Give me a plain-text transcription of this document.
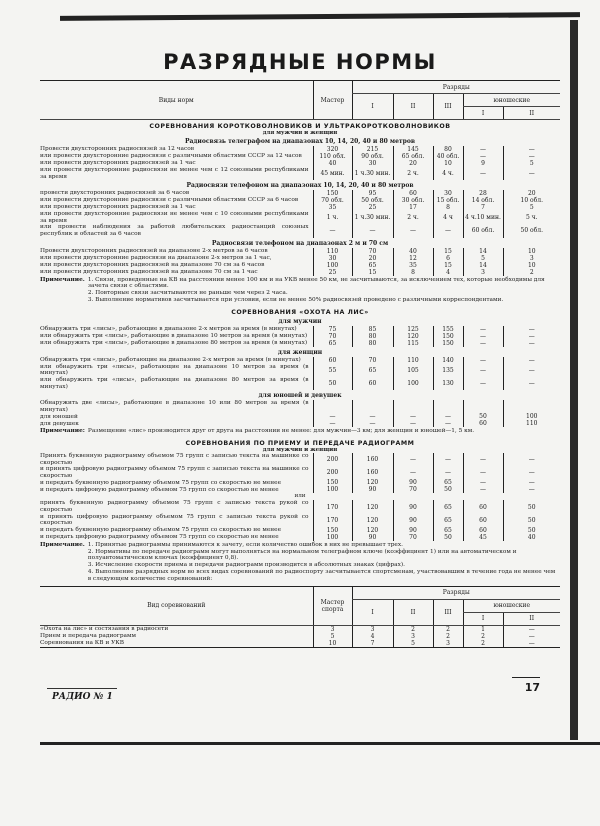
РАЗРЯДНЫЕ НОРМЫ
Виды норм	Мастер	Разряды				
		I	II	III	юношеские	
					I	II
СОРЕВНОВАНИЯ КОРОТКОВОЛНОВИКОВ И УЛЬТРАКОРОТКОВОЛНОВИКОВ
для мужчин и женщин
Радиосвязь телеграфом на диапазонах 10, 14, 20, 40 и 80 метров						
Провести двухсторонних радиосвязей за 12 часов	320	215	145	80	—	—
или провести двухсторонние радиосвязи с различными областями СССР за 12 часов	110 обл.	90 обл.	65 обл.	40 обл.	—	—
или провести двухсторонних радиосвязей за 1 час	40	30	20	10	9	5
или провести двухсторонние радиосвязи не менее чем с 12 союзными республиками за время	45 мин.	1 ч.30 мин.	2 ч.	4 ч.	—	—
Радиосвязи телефоном на диапазонах 10, 14, 20, 40 и 80 метров						
провести двухсторонних радиосвязей за 6 часов	150	95	60	30	28	20
или провести двухсторонние радиосвязи с различными областями СССР за 6 часов	70 обл.	50 обл.	30 обл.	15 обл.	14 обл.	10 обл.
или провести двухсторонних радиосвязей за 1 час	35	25	17	8	7	5
или провести двухсторонние радиосвязи не менее чем с 10 союзными республиками за время	1 ч.	1 ч.30 мин.	2 ч.	4 ч	4 ч.10 мин.	5 ч.
или провести наблюдения за работой любительских радиостанций союзных республик и областей за 6 часов	—	—	—	—	60 обл.	50 обл.
Радиосвязи телефоном на диапазонах 2 м и 70 см						
Провести двухсторонних радиосвязей на диапазоне 2-х метров за 6 часов	110	70	40	15	14	10
или провести двухсторонние радиосвязи на диапазоне 2-х метров за 1 час,	30	20	12	6	5	3
или провести двухсторонних радиосвязей на диапазоне 70 см за 6 часов	100	65	35	15	14	10
или провести двухсторонних радиосвязей на диапазоне 70 см за 1 час	25	15	8	4	3	2
Примечание. 1. Связи, проведенные на КВ на расстоянии менее 100 км и на УКВ менее 50 км, не засчитываются, за исключением тех, которые необходимы для зачета связи с областями.
2. Повторные связи засчитываются не раньше чем через 2 часа.
3. Выполнение нормативов засчитывается при условии, если не менее 50% радиосвязей проведено с различными корреспондентами.
СОРЕВНОВАНИЯ «ОХОТА НА ЛИС»
для мужчин						
Обнаружить три «лисы», работающие в диапазоне 2-х метров за время (в минутах)	75	85	125	155	—	—
или обнаружить три «лисы», работающие в диапазоне 10 метров за время (в минутах)	70	80	120	150	—	—
или обнаружить три «лисы», работающие в диапазоне 80 метров за время (в минутах)	65	80	115	150	—	—
для женщин						
Обнаружить три «лисы», работающие на диапазоне 2-х метров за время (в минутах)	60	70	110	140	—	—
или обнаружить три «лисы», работающие на диапазоне 10 метров за время (в минутах)	55	65	105	135	—	—
или обнаружить три «лисы», работающие на диапазоне 80 метров за время (в минутах)	50	60	100	130	—	—
для юношей и девушек						
Обнаружить две «лисы», работающие в диапазоне 10 или 80 метров за время (в минутах)						
для юношей	—	—	—	—	50	100
для девушек	—	—	—	—	60	110
Примечание: Размещение «лис» производится друг от друга на расстоянии не менее: для мужчин—3 км; для женщин и юношей—1, 5 км.
СОРЕВНОВАНИЯ ПО ПРИЕМУ И ПЕРЕДАЧЕ РАДИОГРАММ
для мужчин и женщин
Принять буквенную радиограмму объемом 75 групп с записью текста на машинке со скоростью	200	160	—	—	—	—
и принять цифровую радиограмму объемом 75 групп с записью текста на машинке со скоростью	200	160	—	—	—	—
и передать буквенную радиограмму объемом 75 групп со скоростью не менее	150	120	90	65	—	—
и передать цифровую радиограмму объемом 75 групп со скоростью не менее	100	90	70	50	—	—
или						
принять буквенную радиограмму объемом 75 групп с записью текста рукой со скоростью	170	120	90	65	60	50
и принять цифровую радиограмму объемом 75 групп с записью текста рукой со скоростью	170	120	90	65	60	50
и передать буквенную радиограмму объемом 75 групп со скоростью не менее	150	120	90	65	60	50
и передать цифровую радиограмму объемом 75 групп со скоростью не менее	100	90	70	50	45	40
Примечание. 1. Принятые радиограммы принимаются к зачету, если количество ошибок в них не превышает трех.
2. Нормативы по передаче радиограмм могут выполняться на нормальном телеграфном ключе (коэффициент 1) или на автоматическом и полуавтоматическом ключах (коэффициент 0,8).
3. Исчисление скорости приема и передачи радиограмм производится в абсолютных знаках (цифрах).
4. Выполнение разрядных норм во всех видах соревнований по радиоспорту засчитывается спортсменам, участвовавшим в течение года не менее чем в следующем количестве соревнований:
Вид соревнований	Мастер спорта	Разряды				
		I	II	III	юношеские	
					I	II
«Охота на лис» и состязания в радиосети	3	3	2	2	1	—
Прием и передача радиограмм	5	4	3	2	2	—
Соревнования на КВ и УКВ	10	7	5	3	2	—
РАДИО № 1
17
